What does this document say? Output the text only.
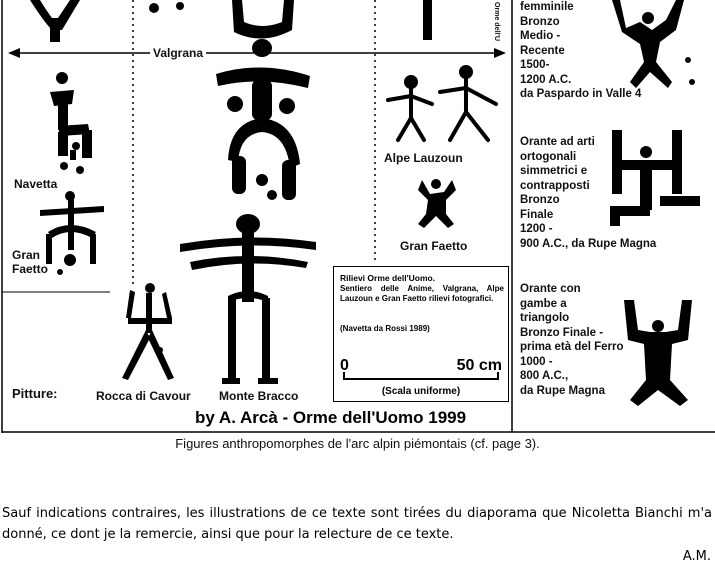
Valgrana
Navetta
Gran
Faetto
Alpe Lauzoun
Gran Faetto
Pitture:	Rocca di Cavour Monte Bracco
Orme dell'U femminile
Bronzo
Medio -
Recente
1500-
1200 A.C.
da Paspardo in Valle 4
Orante ad arti
ortogonali
simmetrici e
contrapposti
Bronzo
Finale
1200 -
900 A.C., da Rupe Magna
Orante con
gambe a
triangolo
Bronzo Finale -
prima età del Ferro
1000 -
800 A.C.,
da Rupe Magna
Rilievi Orme dell'Uomo.
Sentiero delle Anime, Valgrana, Alpe Lauzoun e Gran Faetto rilievi fotografici.
(Navetta da Rossi 1989)
0	50 cm
(Scala uniforme)
by A. Arcà - Orme dell'Uomo 1999
Figures anthropomorphes de l'arc alpin piémontais (cf. page 3).
Sauf indications contraires, les illustrations de ce texte sont tirées du diaporama que Nicoletta Bianchi m'a donné, ce dont je la remercie, ainsi que pour la relecture de ce texte.
A.M.
